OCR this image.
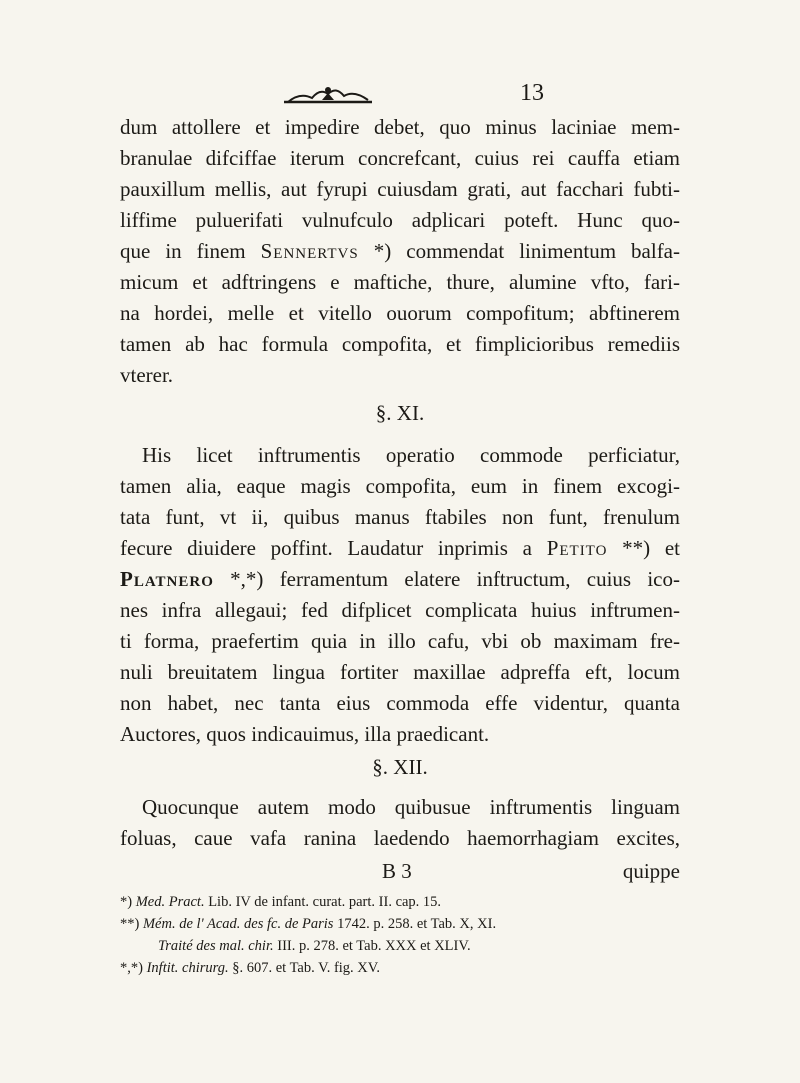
13
dum attollere et impedire debet, quo minus laciniae mem-
branulae difciffae iterum concrefcant, cuius rei cauffa etiam
pauxillum mellis, aut fyrupi cuiusdam grati, aut facchari fubti-
liffime puluerifati vulnufculo adplicari poteft. Hunc quo-
que in finem Sennertvs *) commendat linimentum balfa-
micum et adftringens e maftiche, thure, alumine vfto, fari-
na hordei, melle et vitello ouorum compofitum; abftinerem
tamen ab hac formula compofita, et fimplicioribus remediis
vterer.
§. XI.
His licet inftrumentis operatio commode perficiatur,
tamen alia, eaque magis compofita, eum in finem excogi-
tata funt, vt ii, quibus manus ftabiles non funt, frenulum
fecure diuidere poffint. Laudatur inprimis a Petito **) et
Platnero *,*) ferramentum elatere inftructum, cuius ico-
nes infra allegaui; fed difplicet complicata huius inftrumen-
ti forma, praefertim quia in illo cafu, vbi ob maximam fre-
nuli breuitatem lingua fortiter maxillae adpreffa eft, locum
non habet, nec tanta eius commoda effe videntur, quanta
Auctores, quos indicauimus, illa praedicant.
§. XII.
Quocunque autem modo quibusue inftrumentis linguam
foluas, caue vafa ranina laedendo haemorrhagiam excites,
B 3	quippe
*) Med. Pract. Lib. IV de infant. curat. part. II. cap. 15.
**) Mém. de l' Acad. des fc. de Paris 1742. p. 258. et Tab. X, XI.
Traité des mal. chir. III. p. 278. et Tab. XXX et XLIV.
*,*) Inftit. chirurg. §. 607. et Tab. V. fig. XV.
